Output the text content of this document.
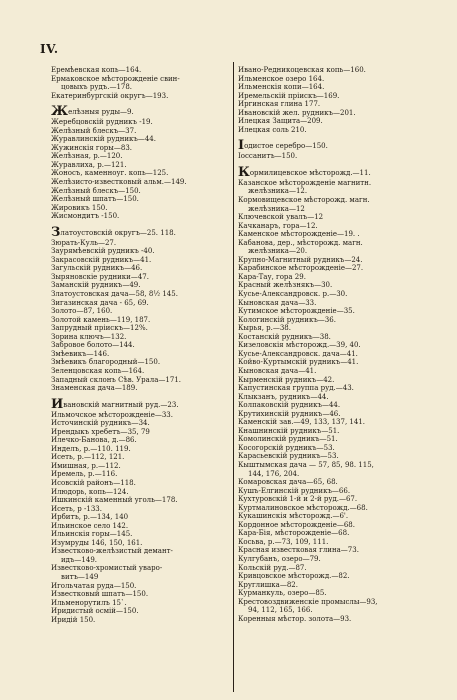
IV.
Еремѣевская копь—164.
Ермаковское мѣсторожденiе свин-
цовыхъ рудъ.—178.
Екатеринбургскiй округъ—193.
Желѣзныя руды—9.
Жеребцовскiй рудникъ -19.
Желѣзный блескъ—37.
Журавлинскiй рудникъ—44.
Жужинскiя горы—83.
Желѣзная, р.—120.
Журавлиха, р.—121.
Жоносъ, каменноуг. копь—125.
Желѣзисто-известковый альм.—149.
Желѣзный блескъ—150.
Желѣзный шпатъ—150.
Жировикъ 150.
Жисмондитъ -150.
Златоустовскiй округъ—25. 118.
Зюрать-Куль—27.
Заурямѣевскiй рудникъ -40.
Закрасовскiй рудникъ—41.
Загульскiй рудникъ—46.
Зыряновскiе рудники—47.
Заманскiй рудникъ—49.
Златоустовская дача—58, 8½ 145.
Зигазинская дача - 65, 69.
Золото—87, 160.
Золотой камень—119, 187.
Запрудный прiискъ—12%.
Зорина ключъ—132.
Забровое болото—144.
Змѣевикъ—146.
Змѣевикъ благородный—150.
Зеленцовская копь—164.
Западный склонъ Сѣв. Урала—171.
Знаменская дача—189.
Ивановскiй магнитный руд.—23.
Ильмочское мѣсторожденiе—33.
Источинскiй рудникъ—34.
Ирендыкъ хребетъ—35, 79
Илечко-Бановa, д.—86.
Инделъ, р.—110. 119.
Исеть, р.—112, 121.
Имишная, р.—112.
Иремель, р.—116.
Исовскiй районъ—118.
Илюдорь, копь—124.
Ишкинскiй каменный уголь—178.
Исеть, р -133.
Ирбитъ, р.—134, 140
Ильинское село 142.
Ильинскiя горы—145.
Изумруды 146, 150, 161.
Известково-желѣзистый демант-
идъ—149.
Известково-хромистый уваро-
витъ—149
Игольчатая руда—150.
Известковый шпатъ—150.
Ильменорутилъ 15`.
Иридистый осмiй—150.
Иридiй 150.
Ивано-Редникоцевская копь—160.
Ильменское озеро 164.
Ильменскiя копи—164.
Иремельскiй прiискъ—169.
Иргинская глина 177.
Ивановскiй жел. рудникъ—201.
Илецкая Защита—209.
Илецкая соль 210.
Iодистое серебро—150.
Iоссанитъ—150.
Кормилицевское мѣсторожд.—11.
Казанское мѣсторожденiе магнитн.
желѣзника—12.
Кормовищевское мѣсторожд. магн.
желѣзника—12
Ключевской увалъ—12
Качканаръ, гора—12.
Каменское мѣсторожденiе—19. .
Кабанова, дер., мѣсторожд. магн.
желѣзника—20.
Крупно-Магнитный рудникъ—24.
Карабинское мѣсторожденiе—27.
Кара-Тау, гора 29.
Красный желѣзнякъ—30.
Кусье-Александровск. р.—30.
Кыновская дача—33.
Кутимское мѣсторожденiе—35.
Кологинскiй рудникъ—36.
Кырья, р.—38.
Костанскiй рудникъ—38.
Кизеловскiя мѣсторожд.—39, 40.
Кусье-Александровск. дача—41.
Койво-Куртымскiй рудникъ—41.
Кыновская дача—41.
Кырменскiй рудникъ—42.
Капустинская группа руд.—43.
Клыкзанъ, рудникъ—44.
Колпаковскiй рудникъ—44.
Крутихинскiй рудникъ—46.
Каменскiй зав.—49, 133, 137, 141.
Кнашнинскiй рудникъ—51.
Комолинскiй рудникъ—51.
Косогорскiй рудникъ—53.
Карасьевскiй рудникъ—53.
Кыштымская дача — 57, 85, 98. 115,
144, 176, 204.
Комаровская дача—65, 68.
Кушъ-Елгинскiй рудникъ—66.
Кухтуровскiй 1-й и 2-й руд.—67.
Куртмалиновское мѣсторожд.—68.
Кукашинскiя мѣсторожд.—6'.
Кордонное мѣсторожденiе—68.
Кара-Бiя, мѣсторожденiе—68.
Косьва, р.—73, 109, 111.
Красная известковая глина—73.
Кулгубанъ, озеро—79.
Кольскiй руд.—87.
Кривцовское мѣсторожд.—82.
Круглишка—82.
Курманкуль, озеро—85.
Крестовоздвиженскiе промыслы—93,
94, 112, 165, 166.
Коренныя мѣстор. золота—93.
